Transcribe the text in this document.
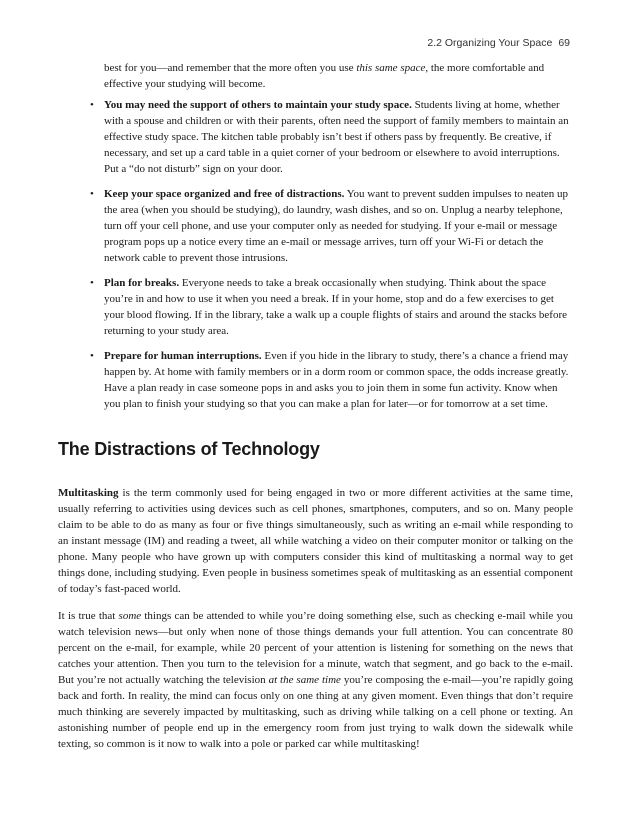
2.2 Organizing Your Space 69

best for you—and remember that the more often you use this same space, the more comfortable and effective your studying will become.

• You may need the support of others to maintain your study space. Students living at home, whether with a spouse and children or with their parents, often need the support of family members to maintain an effective study space. The kitchen table probably isn’t best if others pass by frequently. Be creative, if necessary, and set up a card table in a quiet corner of your bedroom or elsewhere to avoid interruptions. Put a “do not disturb” sign on your door.
• Keep your space organized and free of distractions. You want to prevent sudden impulses to neaten up the area (when you should be studying), do laundry, wash dishes, and so on. Unplug a nearby telephone, turn off your cell phone, and use your computer only as needed for studying. If your e-mail or message program pops up a notice every time an e-mail or message arrives, turn off your Wi-Fi or detach the network cable to prevent those intrusions.
• Plan for breaks. Everyone needs to take a break occasionally when studying. Think about the space you’re in and how to use it when you need a break. If in your home, stop and do a few exercises to get your blood flowing. If in the library, take a walk up a couple flights of stairs and around the stacks before returning to your study area.
• Prepare for human interruptions. Even if you hide in the library to study, there’s a chance a friend may happen by. At home with family members or in a dorm room or common space, the odds increase greatly. Have a plan ready in case someone pops in and asks you to join them in some fun activity. Know when you plan to finish your studying so that you can make a plan for later—or for tomorrow at a set time.
The Distractions of Technology

Multitasking is the term commonly used for being engaged in two or more different activities at the same time, usually referring to activities using devices such as cell phones, smartphones, computers, and so on. Many people claim to be able to do as many as four or five things simultaneously, such as writing an e-mail while responding to an instant message (IM) and reading a tweet, all while watching a video on their computer monitor or talking on the phone. Many people who have grown up with computers consider this kind of multitasking a normal way to get things done, including studying. Even people in business sometimes speak of multitasking as an essential component of today’s fast-paced world.

It is true that some things can be attended to while you’re doing something else, such as checking e-mail while you watch television news—but only when none of those things demands your full attention. You can concentrate 80 percent on the e-mail, for example, while 20 percent of your attention is listening for something on the news that catches your attention. Then you turn to the television for a minute, watch that segment, and go back to the e-mail. But you’re not actually watching the television at the same time you’re composing the e-mail—you’re rapidly going back and forth. In reality, the mind can focus only on one thing at any given moment. Even things that don’t require much thinking are severely impacted by multitasking, such as driving while talking on a cell phone or texting. An astonishing number of people end up in the emergency room from just trying to walk down the sidewalk while texting, so common is it now to walk into a pole or parked car while multitasking!
